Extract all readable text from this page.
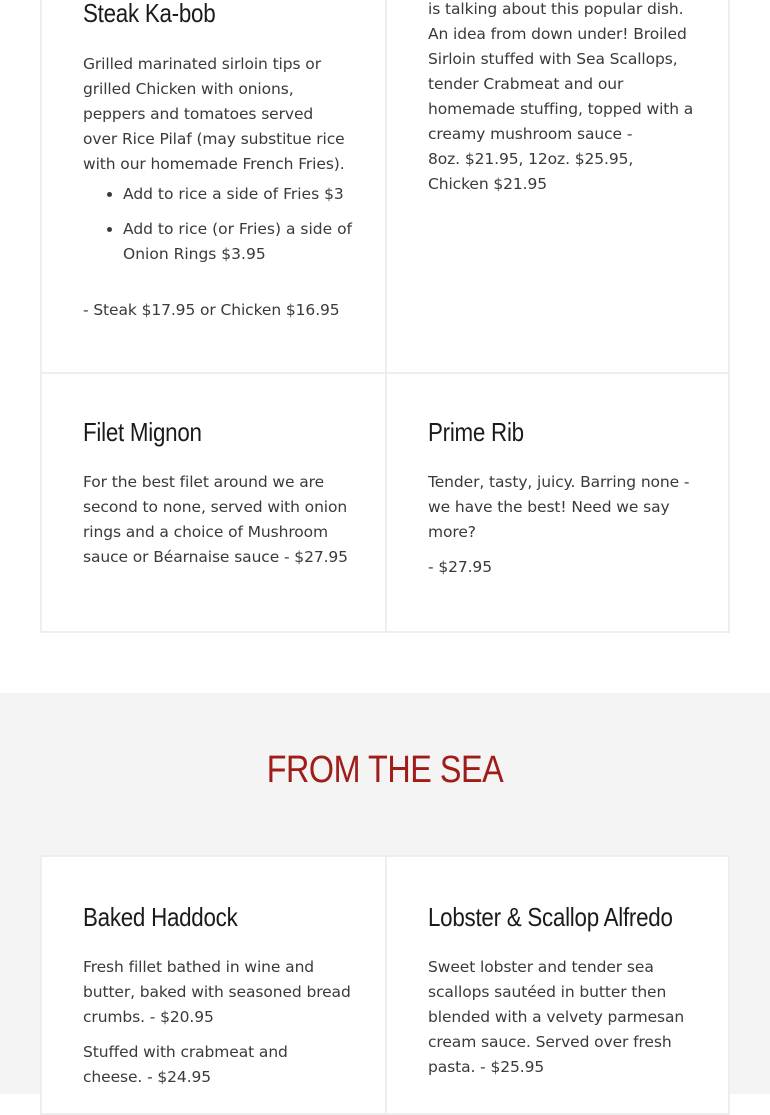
Steak Ka-bob

Grilled marinated sirloin tips or grilled Chicken with onions, peppers and tomatoes served over Rice Pilaf (may substitue rice with our homemade French Fries).

• Add to rice a side of Fries $3
• Add to rice (or Fries) a side of Onion Rings $3.95

- Steak $17.95 or Chicken $16.95

is talking about this popular dish.

An idea from down under! Broiled

Sirloin stuffed with Sea Scallops,

tender Crabmeat and our

homemade stuffing, topped with a

creamy mushroom sauce -

8oz. $21.95, 12oz. $25.95,

Chicken $21.95

Filet Mignon

For the best filet around we are second to none, served with onion rings and a choice of Mushroom sauce or Béarnaise sauce - $27.95

Prime Rib

Tender, tasty, juicy. Barring none - we have the best! Need we say more?

- $27.95

FROM THE SEA
Baked Haddock

Fresh fillet bathed in wine and butter, baked with seasoned bread crumbs. - $20.95

Stuffed with crabmeat and cheese. - $24.95

Lobster & Scallop Alfredo

Sweet lobster and tender sea scallops sautéed in butter then blended with a velvety parmesan cream sauce. Served over fresh pasta. - $25.95
